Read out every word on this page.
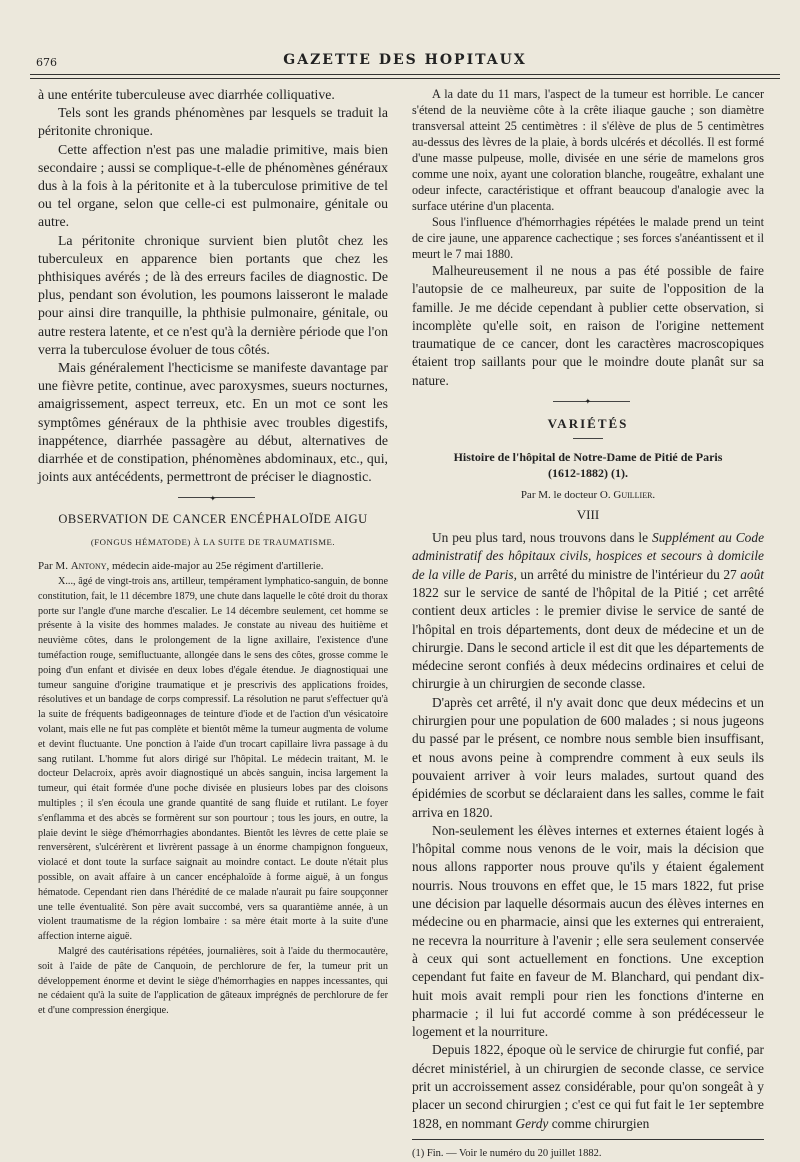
676	GAZETTE DES HOPITAUX

à une entérite tuberculeuse avec diarrhée colliquative.

Tels sont les grands phénomènes par lesquels se traduit la péritonite chronique.

Cette affection n'est pas une maladie primitive, mais bien secondaire ; aussi se complique-t-elle de phénomènes généraux dus à la fois à la péritonite et à la tuberculose primitive de tel ou tel organe, selon que celle-ci est pulmonaire, génitale ou autre.

La péritonite chronique survient bien plutôt chez les tuberculeux en apparence bien portants que chez les phthisiques avérés ; de là des erreurs faciles de diagnostic. De plus, pendant son évolution, les poumons laisseront le malade pour ainsi dire tranquille, la phthisie pulmonaire, génitale, ou autre restera latente, et ce n'est qu'à la dernière période que l'on verra la tuberculose évoluer de tous côtés.

Mais généralement l'hecticisme se manifeste davantage par une fièvre petite, continue, avec paroxysmes, sueurs nocturnes, amaigrissement, aspect terreux, etc. En un mot ce sont les symptômes généraux de la phthisie avec troubles digestifs, inappétence, diarrhée passagère au début, alternatives de diarrhée et de constipation, phénomènes abdominaux, etc., qui, joints aux antécédents, permettront de préciser le diagnostic.

✦
OBSERVATION DE CANCER ENCÉPHALOÏDE AIGU
(FONGUS HÉMATODE) À LA SUITE DE TRAUMATISME.

Par M. Antony, médecin aide-major au 25e régiment d'artillerie.

X..., âgé de vingt-trois ans, artilleur, tempérament lymphatico-sanguin, de bonne constitution, fait, le 11 décembre 1879, une chute dans laquelle le côté droit du thorax porte sur l'angle d'une marche d'escalier. Le 14 décembre seulement, cet homme se présente à la visite des hommes malades. Je constate au niveau des huitième et neuvième côtes, dans le prolongement de la ligne axillaire, l'existence d'une tuméfaction rouge, semifluctuante, allongée dans le sens des côtes, grosse comme le poing d'un enfant et divisée en deux lobes d'égale étendue. Je diagnostiquai une tumeur sanguine d'origine traumatique et je prescrivis des applications froides, résolutives et un bandage de corps compressif. La résolution ne parut s'effectuer qu'à la suite de fréquents badigeonnages de teinture d'iode et de l'action d'un vésicatoire volant, mais elle ne fut pas complète et bientôt même la tumeur augmenta de volume et devint fluctuante. Une ponction à l'aide d'un trocart capillaire livra passage à du sang rutilant. L'homme fut alors dirigé sur l'hôpital. Le médecin traitant, M. le docteur Delacroix, après avoir diagnostiqué un abcès sanguin, incisa largement la tumeur, qui était formée d'une poche divisée en plusieurs lobes par des cloisons multiples ; il s'en écoula une grande quantité de sang fluide et rutilant. Le foyer s'enflamma et des abcès se formèrent sur son pourtour ; tous les jours, en outre, la plaie devint le siège d'hémorrhagies abondantes. Bientôt les lèvres de cette plaie se renversèrent, s'ulcérèrent et livrèrent passage à un énorme champignon fongueux, violacé et dont toute la surface saignait au moindre contact. Le doute n'était plus possible, on avait affaire à un cancer encéphaloïde à forme aiguë, à un fongus hématode. Cependant rien dans l'hérédité de ce malade n'aurait pu faire soupçonner une telle éventualité. Son père avait succombé, vers sa quarantième année, à un violent traumatisme de la région lombaire : sa mère était morte à la suite d'une affection interne aiguë.

Malgré des cautérisations répétées, journalières, soit à l'aide du thermocautère, soit à l'aide de pâte de Canquoin, de perchlorure de fer, la tumeur prit un développement énorme et devint le siège d'hémorrhagies en nappes incessantes, qui ne cédaient qu'à la suite de l'application de gâteaux imprégnés de perchlorure de fer et d'une compression énergique.

A la date du 11 mars, l'aspect de la tumeur est horrible. Le cancer s'étend de la neuvième côte à la crête iliaque gauche ; son diamètre transversal atteint 25 centimètres : il s'élève de plus de 5 centimètres au-dessus des lèvres de la plaie, à bords ulcérés et décollés. Il est formé d'une masse pulpeuse, molle, divisée en une série de mamelons gros comme une noix, ayant une coloration blanche, rougeâtre, exhalant une odeur infecte, caractéristique et offrant beaucoup d'analogie avec la surface utérine d'un placenta.

Sous l'influence d'hémorrhagies répétées le malade prend un teint de cire jaune, une apparence cachectique ; ses forces s'anéantissent et il meurt le 7 mai 1880.

Malheureusement il ne nous a pas été possible de faire l'autopsie de ce malheureux, par suite de l'opposition de la famille. Je me décide cependant à publier cette observation, si incomplète qu'elle soit, en raison de l'origine nettement traumatique de ce cancer, dont les caractères macroscopiques étaient trop saillants pour que le moindre doute planât sur sa nature.

✦
VARIÉTÉS
Histoire de l'hôpital de Notre-Dame de Pitié de Paris
(1612-1882) (1).
Par M. le docteur O. Guillier.
VIII

Un peu plus tard, nous trouvons dans le Supplément au Code administratif des hôpitaux civils, hospices et secours à domicile de la ville de Paris, un arrêté du ministre de l'intérieur du 27 août 1822 sur le service de santé de l'hôpital de la Pitié ; cet arrêté contient deux articles : le premier divise le service de santé de l'hôpital en trois départements, dont deux de médecine et un de chirurgie. Dans le second article il est dit que les départements de médecine seront confiés à deux médecins ordinaires et celui de chirurgie à un chirurgien de seconde classe.

D'après cet arrêté, il n'y avait donc que deux médecins et un chirurgien pour une population de 600 malades ; si nous jugeons du passé par le présent, ce nombre nous semble bien insuffisant, et nous avons peine à comprendre comment à eux seuls ils pouvaient arriver à voir leurs malades, surtout quand des épidémies de scorbut se déclaraient dans les salles, comme le fait arriva en 1820.

Non-seulement les élèves internes et externes étaient logés à l'hôpital comme nous venons de le voir, mais la décision que nous allons rapporter nous prouve qu'ils y étaient également nourris. Nous trouvons en effet que, le 15 mars 1822, fut prise une décision par laquelle désormais aucun des élèves internes en médecine ou en pharmacie, ainsi que les externes qui entreraient, ne recevra la nourriture à l'avenir ; elle sera seulement conservée à ceux qui sont actuellement en fonctions. Une exception cependant fut faite en faveur de M. Blanchard, qui pendant dix-huit mois avait rempli pour rien les fonctions d'interne en pharmacie ; il lui fut accordé comme à son prédécesseur le logement et la nourriture.

Depuis 1822, époque où le service de chirurgie fut confié, par décret ministériel, à un chirurgien de seconde classe, ce service prit un accroissement assez considérable, pour qu'on songeât à y placer un second chirurgien ; c'est ce qui fut fait le 1er septembre 1828, en nommant Gerdy comme chirurgien

(1) Fin. — Voir le numéro du 20 juillet 1882.
